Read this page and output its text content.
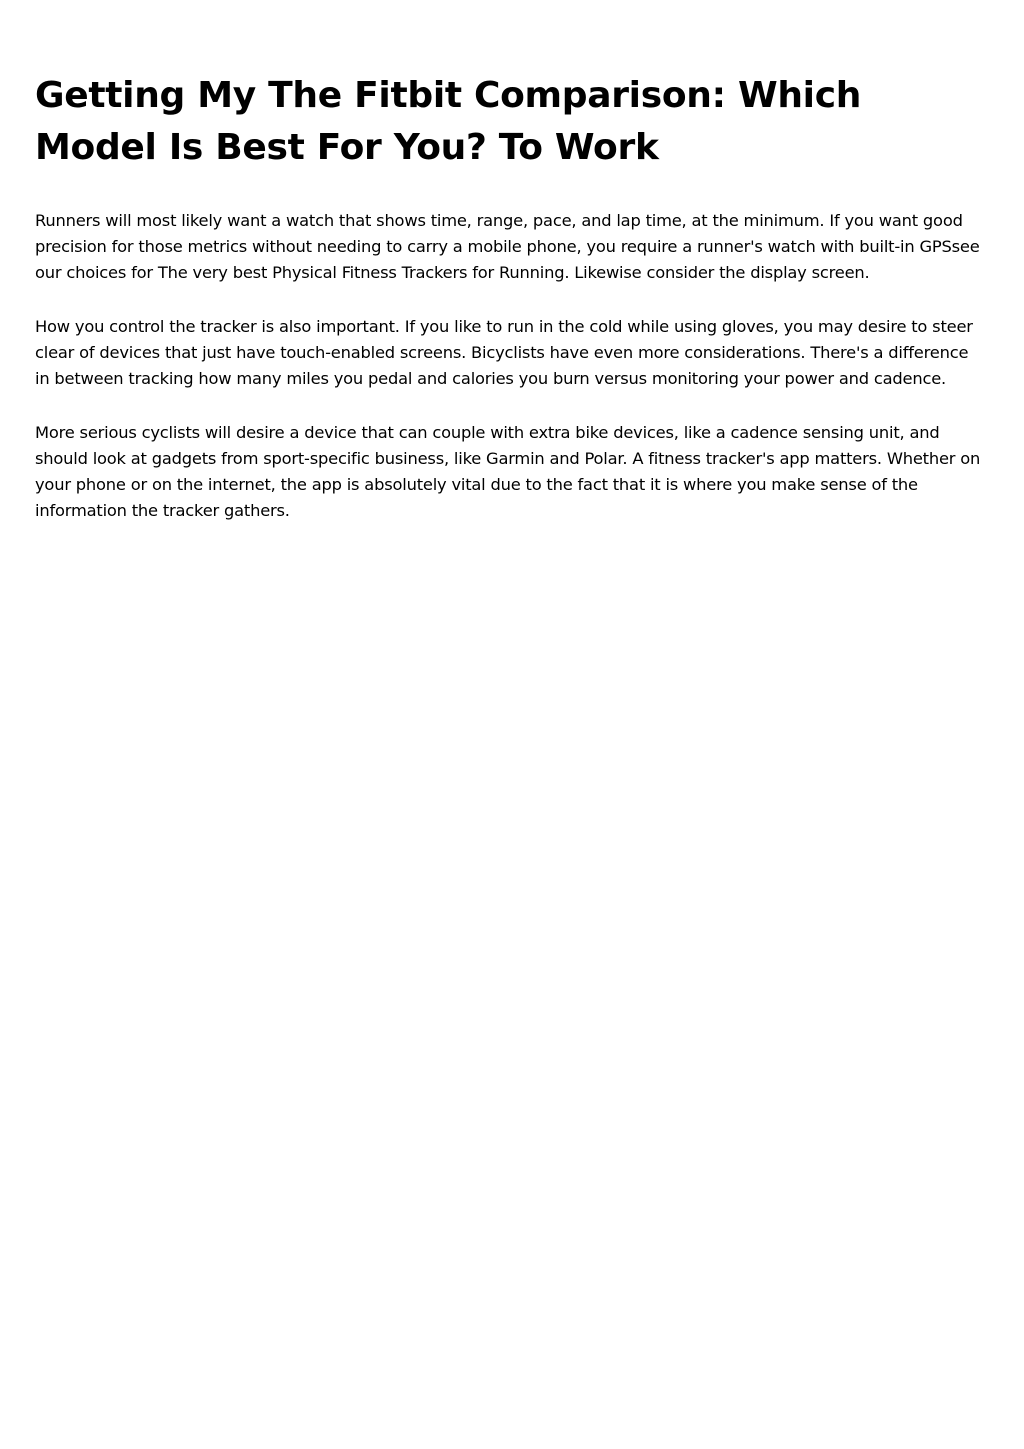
Getting My The Fitbit Comparison: Which Model Is Best For You? To Work

Runners will most likely want a watch that shows time, range, pace, and lap time, at the minimum. If you want good precision for those metrics without needing to carry a mobile phone, you require a runner's watch with built-in GPSsee our choices for The very best Physical Fitness Trackers for Running. Likewise consider the display screen.

How you control the tracker is also important. If you like to run in the cold while using gloves, you may desire to steer clear of devices that just have touch-enabled screens. Bicyclists have even more considerations. There's a difference in between tracking how many miles you pedal and calories you burn versus monitoring your power and cadence.

More serious cyclists will desire a device that can couple with extra bike devices, like a cadence sensing unit, and should look at gadgets from sport-specific business, like Garmin and Polar. A fitness tracker's app matters. Whether on your phone or on the internet, the app is absolutely vital due to the fact that it is where you make sense of the information the tracker gathers.
